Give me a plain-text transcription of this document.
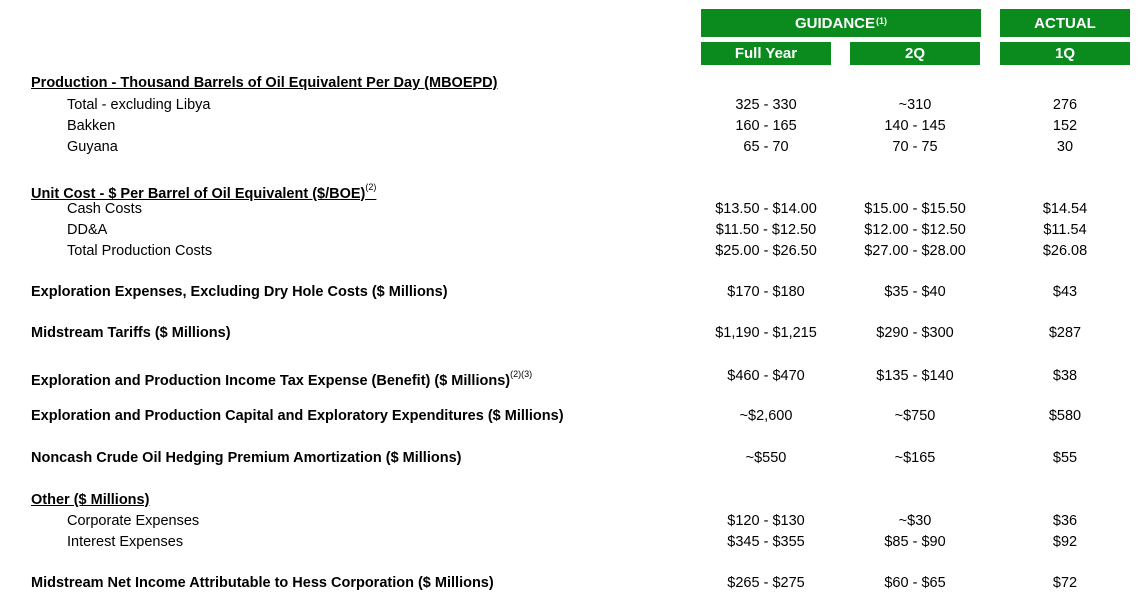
GUIDANCE$^{(1)}$	ACTUAL
Full Year	2Q	1Q
Production - Thousand Barrels of Oil Equivalent Per Day (MBOEPD)
Total - excluding Libya	325 - 330	~310	276
Bakken	160 - 165	140 - 145	152
Guyana	65 - 70	70 - 75	30
Unit Cost - $ Per Barrel of Oil Equivalent ($/BOE)$^{(2)}$
Cash Costs	$13.50 - $14.00	$15.00 - $15.50	$14.54
DD&A	$11.50 - $12.50	$12.00 - $12.50	$11.54
Total Production Costs	$25.00 - $26.50	$27.00 - $28.00	$26.08
Exploration Expenses, Excluding Dry Hole Costs ($ Millions)	$170 - $180	$35 - $40	$43
Midstream Tariffs ($ Millions)	$1,190 - $1,215	$290 - $300	$287
Exploration and Production Income Tax Expense (Benefit) ($ Millions)$^{(2)(3)}$	$460 - $470	$135 - $140	$38
Exploration and Production Capital and Exploratory Expenditures ($ Millions)	~$2,600	~$750	$580
Noncash Crude Oil Hedging Premium Amortization ($ Millions)	~$550	~$165	$55
Other ($ Millions)
Corporate Expenses	$120 - $130	~$30	$36
Interest Expenses	$345 - $355	$85 - $90	$92
Midstream Net Income Attributable to Hess Corporation ($ Millions)	$265 - $275	$60 - $65	$72
